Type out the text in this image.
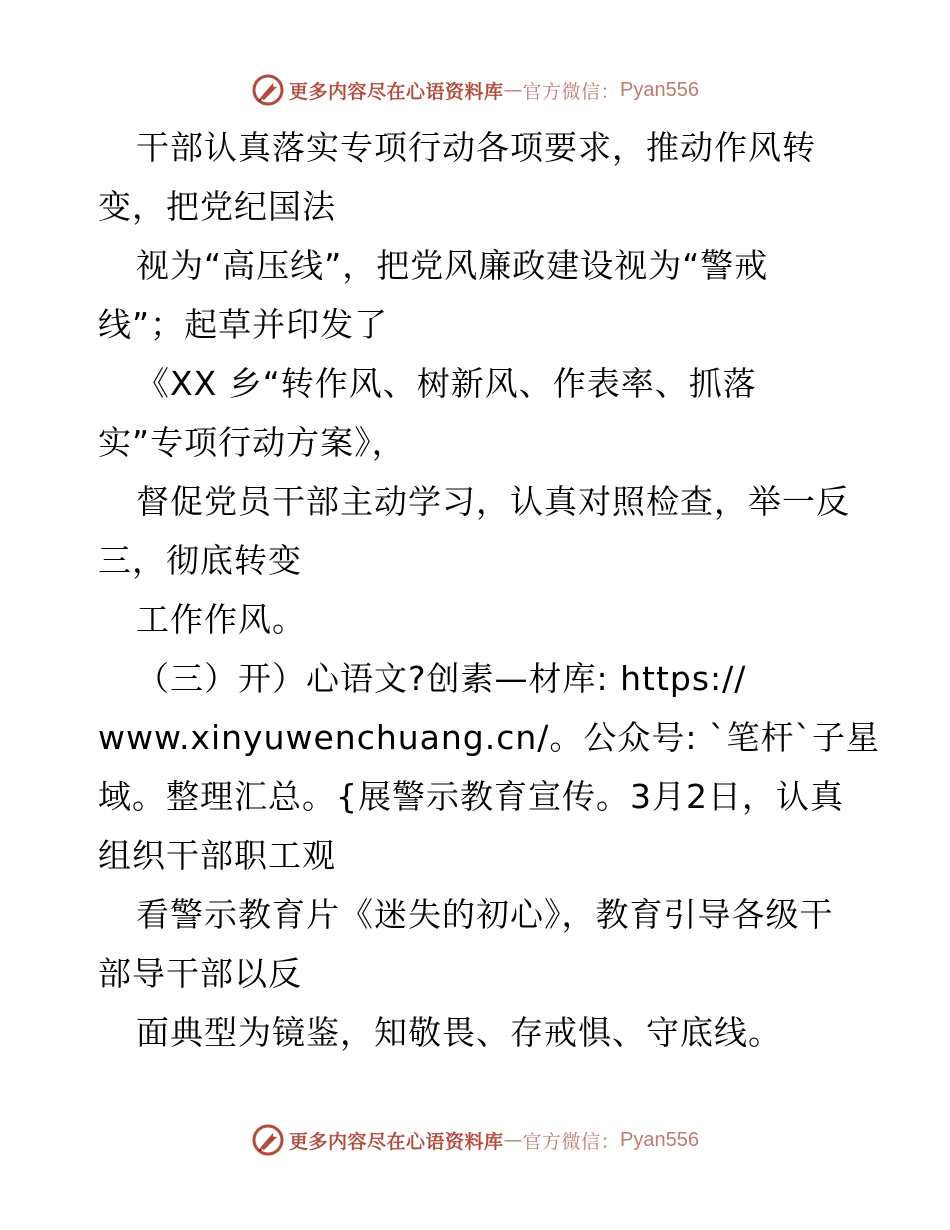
更多内容尽在心语资料库 — 官方微信： Pyan556
干部认真落实专项行动各项要求，推动作风转
变，把党纪国法
视为“高压线”，把党风廉政建设视为“警戒
线”；起草并印发了
《XX 乡“转作风、树新风、作表率、抓落
实”专项行动方案》，
督促党员干部主动学习，认真对照检查，举一反
三，彻底转变
工作作风。
（三）开）心语文?创素—材库: https://
www.xinyuwenchuang.cn/。公众号: `笔杆`子星
域。整理汇总。{展警示教育宣传。3月2日，认真
组织干部职工观
看警示教育片《迷失的初心》，教育引导各级干
部导干部以反
面典型为镜鉴，知敬畏、存戒惧、守底线。
更多内容尽在心语资料库 — 官方微信： Pyan556
